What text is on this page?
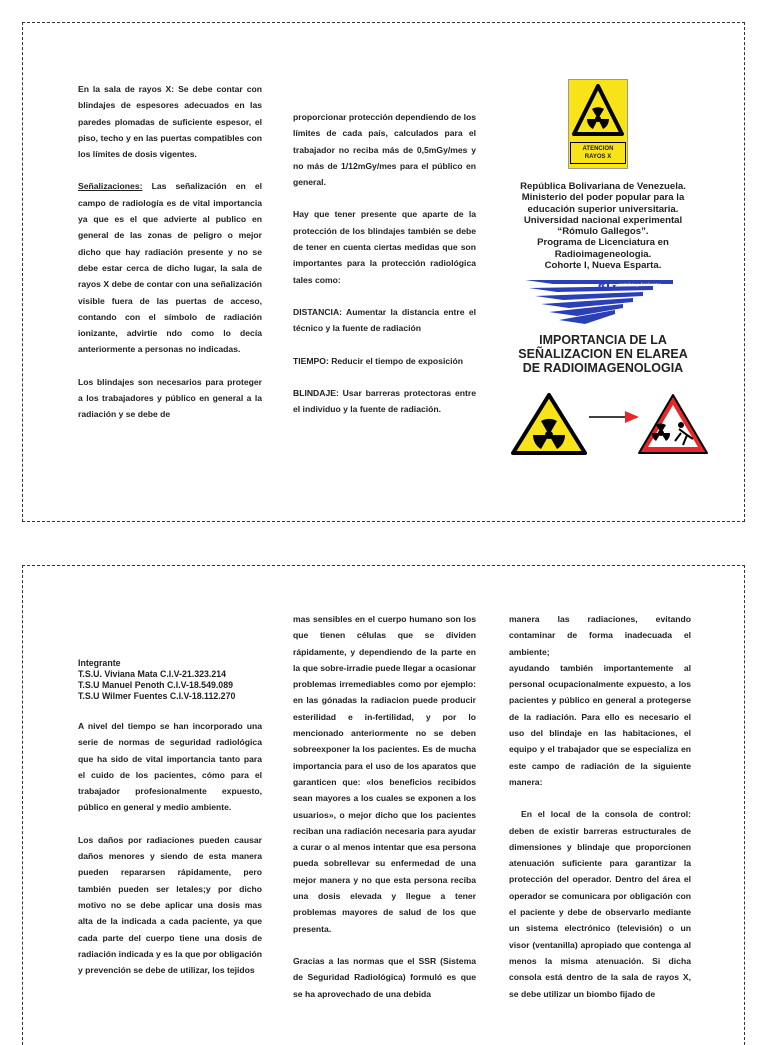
En la sala de rayos X: Se debe contar con blindajes de espesores adecuados en las paredes plomadas de suficiente espesor, el piso, techo y en las puertas compatibles con los límites de dosis vigentes.

Señalizaciones: Las señalización en el campo de radiología es de vital importancia ya que es el que advierte al publico en general de las zonas de peligro o mejor dicho que hay radiación presente y no se debe estar cerca de dicho lugar, la sala de rayos X debe de contar con una señalización visible fuera de las puertas de acceso, contando con el símbolo de radiación ionizante, advirtie ndo como lo decía anteriormente a personas no indicadas.

Los blindajes son necesarios para proteger a los trabajadores y público en general a la radiación y se debe de

proporcionar protección dependiendo de los límites de cada país, calculados para el trabajador no reciba más de 0,5mGy/mes y no más de 1/12mGy/mes para el público en general.

Hay que tener presente que aparte de la protección de los blindajes también se debe de tener en cuenta ciertas medidas que son importantes para la protección radiológica tales como:

DISTANCIA: Aumentar la distancia entre el técnico y la fuente de radiación

TIEMPO: Reducir el tiempo de exposición

BLINDAJE: Usar barreras protectoras entre el individuo y la fuente de radiación.

ATENCION
RAYOS X
República Bolivariana de Venezuela.
Ministerio del poder popular para la
educación superior universitaria.
Universidad nacional experimental
“Rómulo Gallegos”.
Programa de Licenciatura en
Radioimageneologia.
Cohorte I, Nueva Esparta.
RG caminos y horizontes
IMPORTANCIA DE LA
SEÑALIZACION EN ELAREA
DE RADIOIMAGENOLOGIA
Integrante
T.S.U. Viviana Mata C.I.V-21.323.214
T.S.U Manuel Penoth C.I.V-18.549.089
T.S.U Wilmer Fuentes C.I.V-18.112.270

A nivel del tiempo se han incorporado una serie de normas de seguridad radiológica que ha sido de vital importancia tanto para el cuido de los pacientes, cómo para el trabajador profesionalmente expuesto, público en general y medio ambiente.

Los daños por radiaciones pueden causar daños menores y siendo de esta manera pueden repararsen rápidamente, pero también pueden ser letales;y por dicho motivo no se debe aplicar una dosis mas alta de la indicada a cada paciente, ya que cada parte del cuerpo tiene una dosis de radiación indicada y es la que por obligación y prevención se debe de utilizar, los tejidos

mas sensibles en el cuerpo humano son los que tienen células que se dividen rápidamente, y dependiendo de la parte en la que sobre-irradie puede llegar a ocasionar problemas irremediables como por ejemplo: en las gónadas la radiacion puede producir esterilidad e in-fertilidad, y por lo mencionado anteriormente no se deben sobreexponer la los pacientes. Es de mucha importancia para el uso de los aparatos que garanticen que: «los beneficios recibidos sean mayores a los cuales se exponen a los usuarios», o mejor dicho que los pacientes reciban una radiación necesaria para ayudar a curar o al menos intentar que esa persona pueda sobrellevar su enfermedad de una mejor manera y no que esta persona reciba una dosis elevada y llegue a tener problemas mayores de salud de los que presenta.

Gracias a las normas que el SSR (Sistema de Seguridad Radiológica) formuló es que se ha aprovechado de una debida

manera las radiaciones, evitando contaminar de forma inadecuada el ambiente;

ayudando también importantemente al personal ocupacionalmente expuesto, a los pacientes y público en general a protegerse de la radiación. Para ello es necesario el uso del blindaje en las habitaciones, el equipo y el trabajador que se especializa en este campo de radiación de la siguiente manera:

En el local de la consola de control: deben de existir barreras estructurales de dimensiones y blindaje que proporcionen atenuación suficiente para garantizar la protección del operador. Dentro del área el operador se comunicara por obligación con el paciente y debe de observarlo mediante un sistema electrónico (televisión) o un visor (ventanilla) apropiado que contenga al menos la misma atenuación. Si dicha consola está dentro de la sala de rayos X, se debe utilizar un biombo fijado de
